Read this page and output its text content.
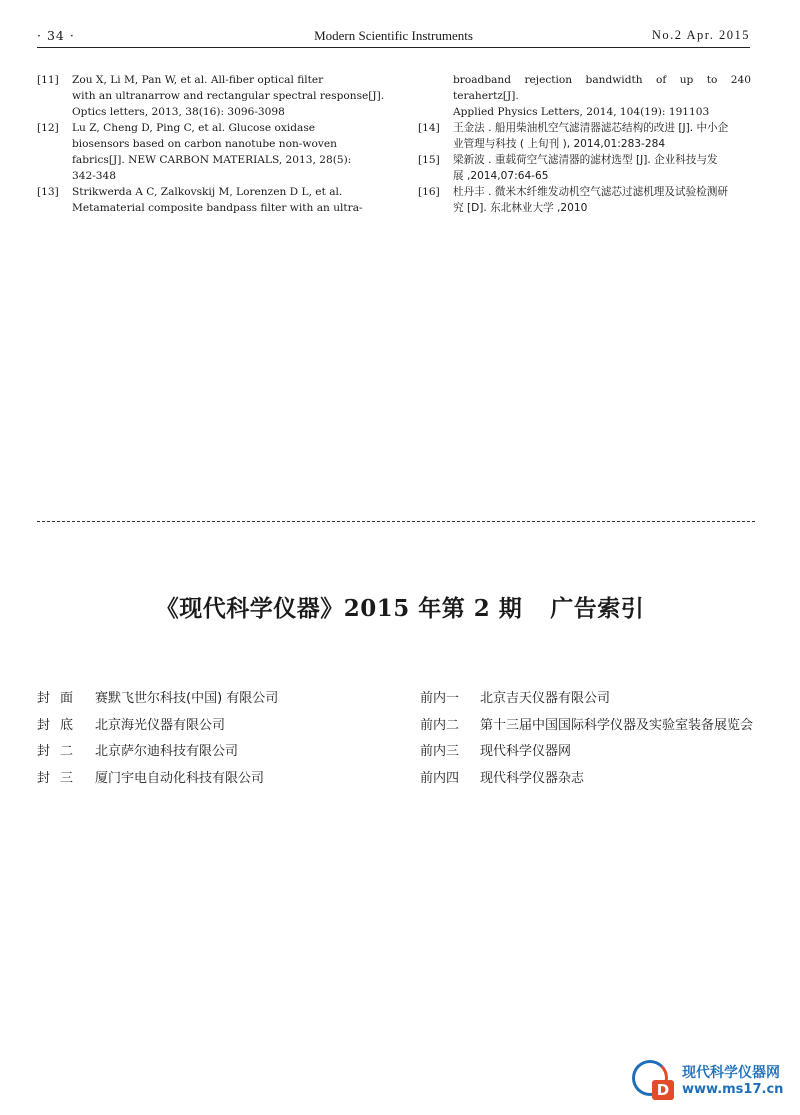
· 34 ·	Modern Scientific Instruments	No.2 Apr. 2015
[11] Zou X, Li M, Pan W, et al. All-fiber optical filter
with an ultranarrow and rectangular spectral response[J].
Optics letters, 2013, 38(16): 3096-3098
[12] Lu Z, Cheng D, Ping C, et al. Glucose oxidase
biosensors based on carbon nanotube non-woven
fabrics[J]. NEW CARBON MATERIALS, 2013, 28(5):
342-348
[13] Strikwerda A C, Zalkovskij M, Lorenzen D L, et al.
Metamaterial composite bandpass filter with an ultra-
broadband rejection bandwidth of up to 240 terahertz[J].
Applied Physics Letters, 2014, 104(19): 191103
[14] 王金法 . 船用柴油机空气滤清器滤芯结构的改进 [J]. 中小企
业管理与科技 ( 上旬刊 ), 2014,01:283-284
[15] 梁新波 . 重载荷空气滤清器的滤材选型 [J]. 企业科技与发
展 ,2014,07:64-65
[16] 杜丹丰 . 微米木纤维发动机空气滤芯过滤机理及试验检测研
究 [D]. 东北林业大学 ,2010
《现代科学仪器》2015 年第 2 期 广告索引
封面 赛默飞世尔科技(中国) 有限公司
封底 北京海光仪器有限公司
封二 北京萨尔迪科技有限公司
封三 厦门宇电自动化科技有限公司
前内一 北京吉天仪器有限公司
前内二 第十三届中国国际科学仪器及实验室装备展览会
前内三 现代科学仪器网
前内四 现代科学仪器杂志
D
现代科学仪器网
www.ms17.cn
